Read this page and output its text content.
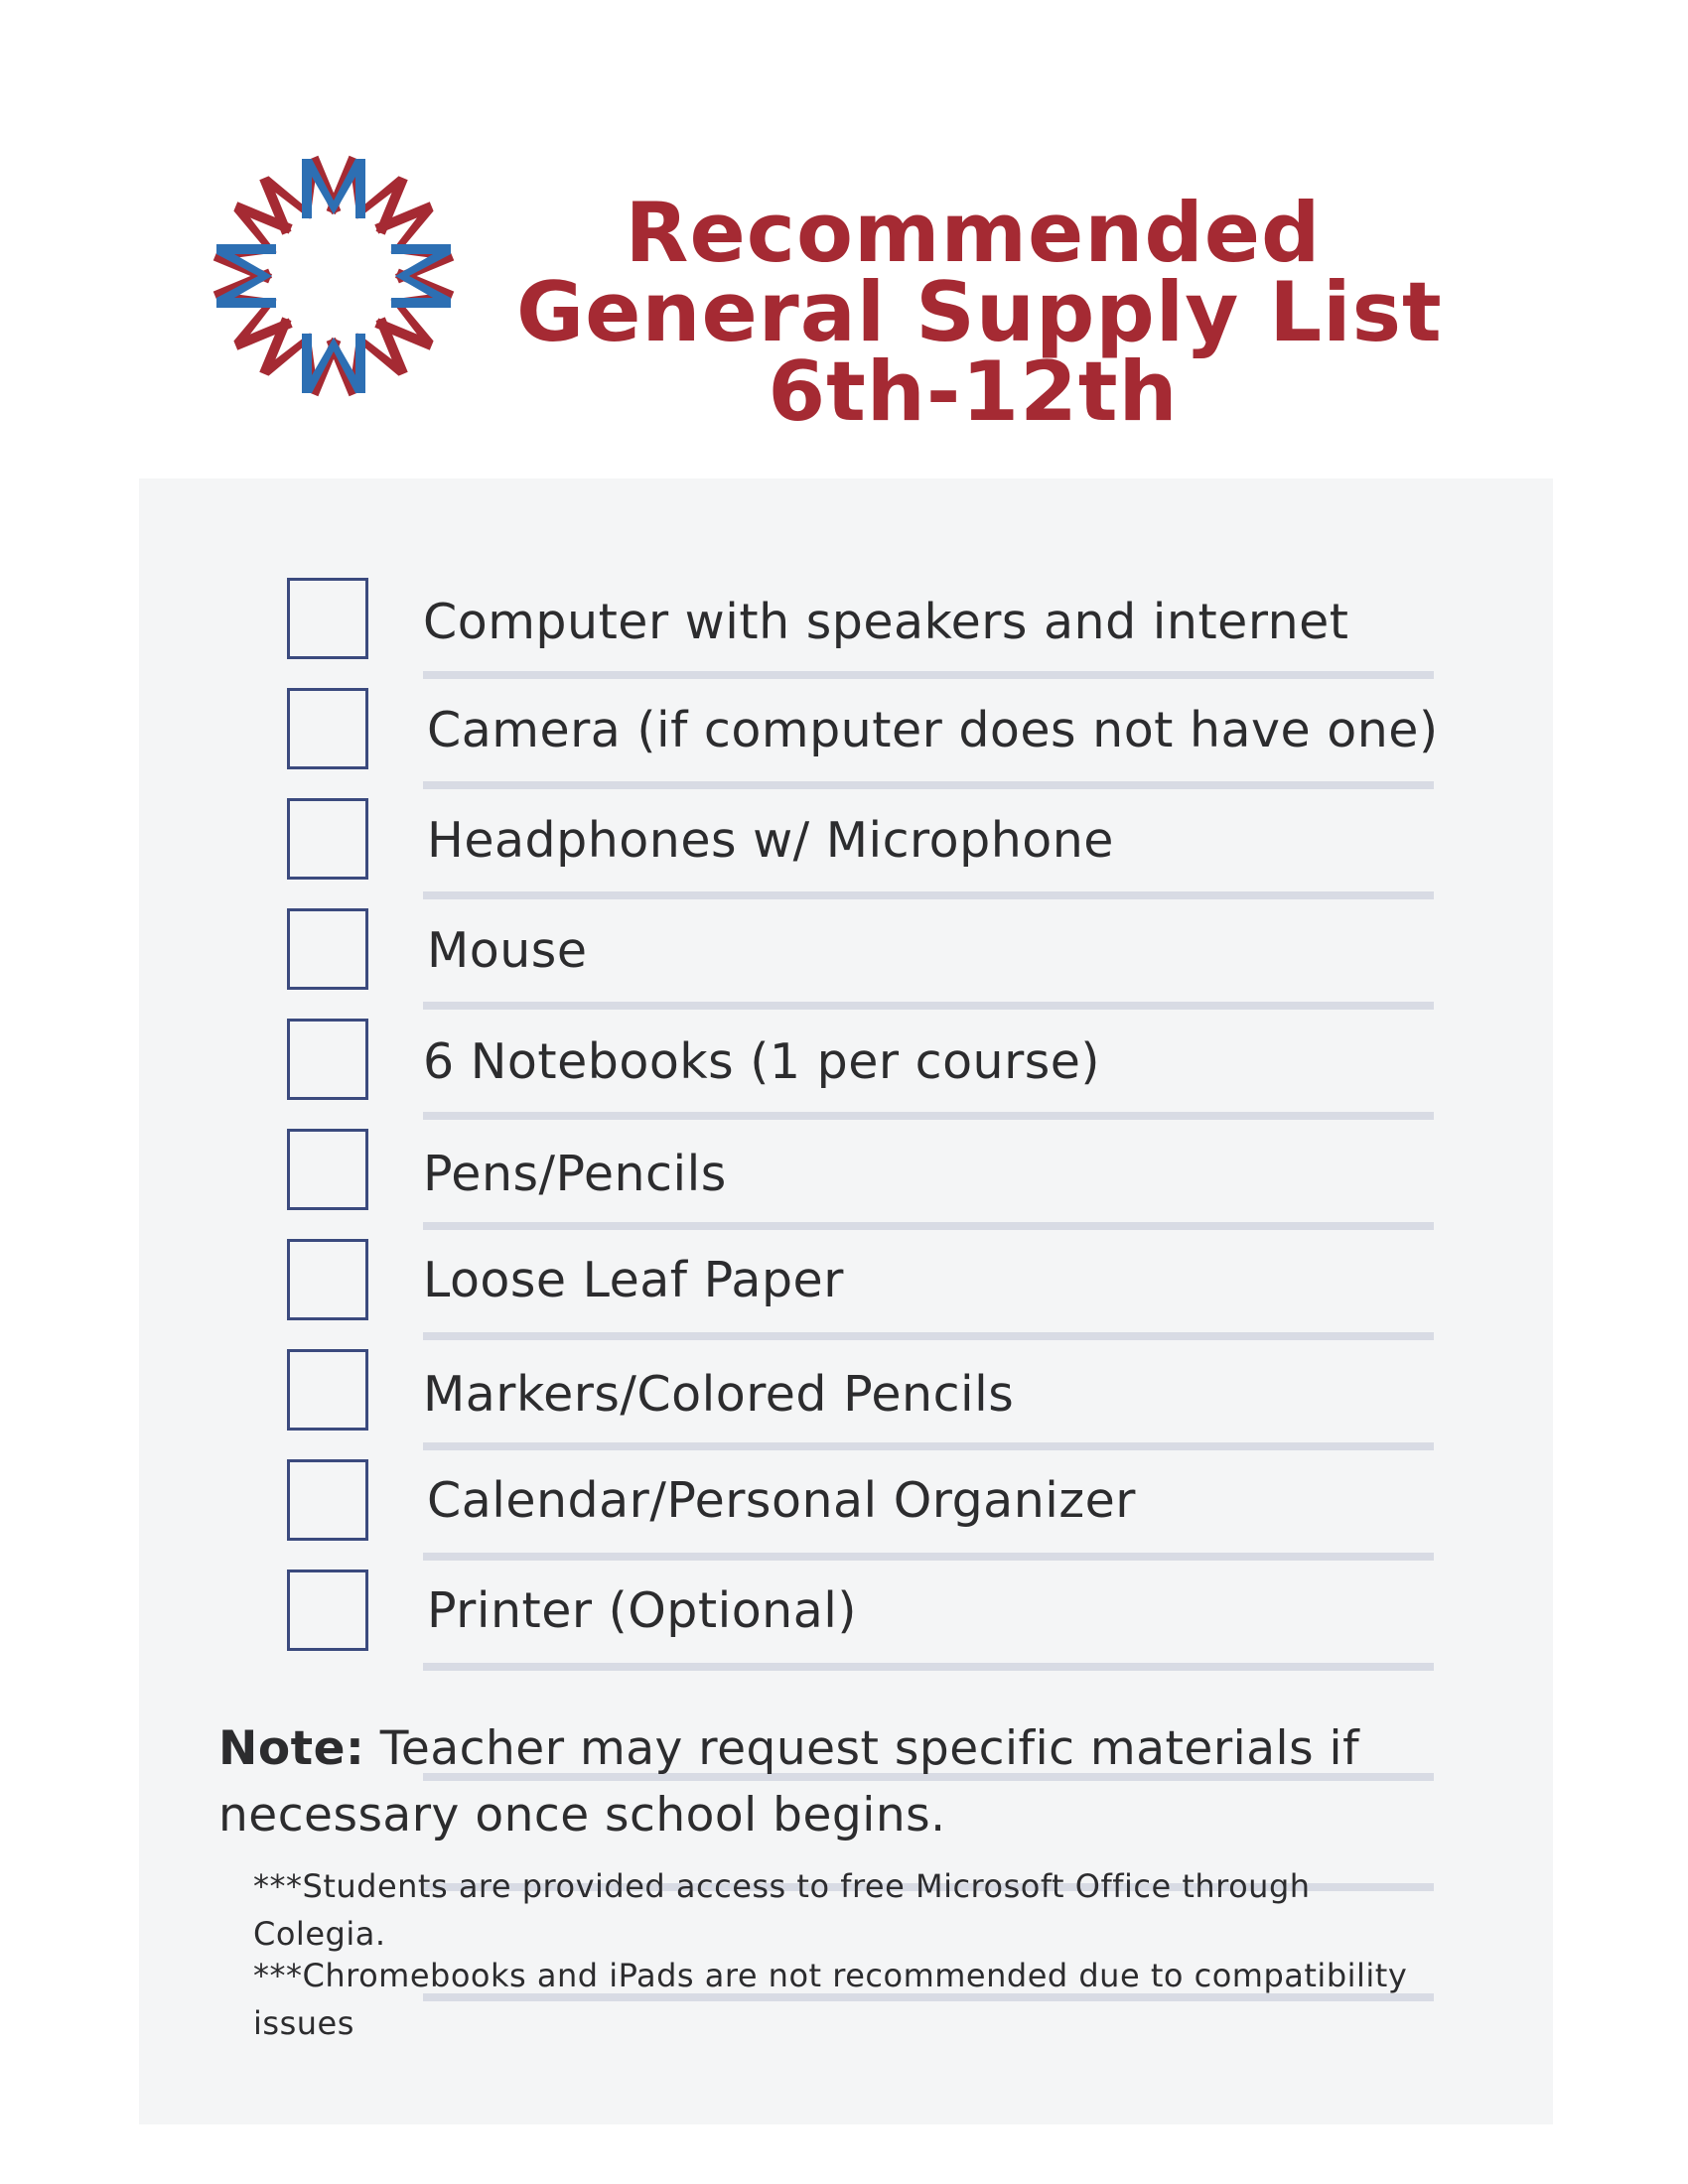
Recommended
General Supply List
6th-12th
Computer with speakers and internet
Camera (if computer does not have one)
Headphones w/ Microphone
Mouse
6 Notebooks (1 per course)
Pens/Pencils
Loose Leaf Paper
Markers/Colored Pencils
Calendar/Personal Organizer
Printer (Optional)
Note: Teacher may request specific materials if necessary once school begins.
***Students are provided access to free Microsoft Office through Colegia.
***Chromebooks and iPads are not recommended due to compatibility issues
